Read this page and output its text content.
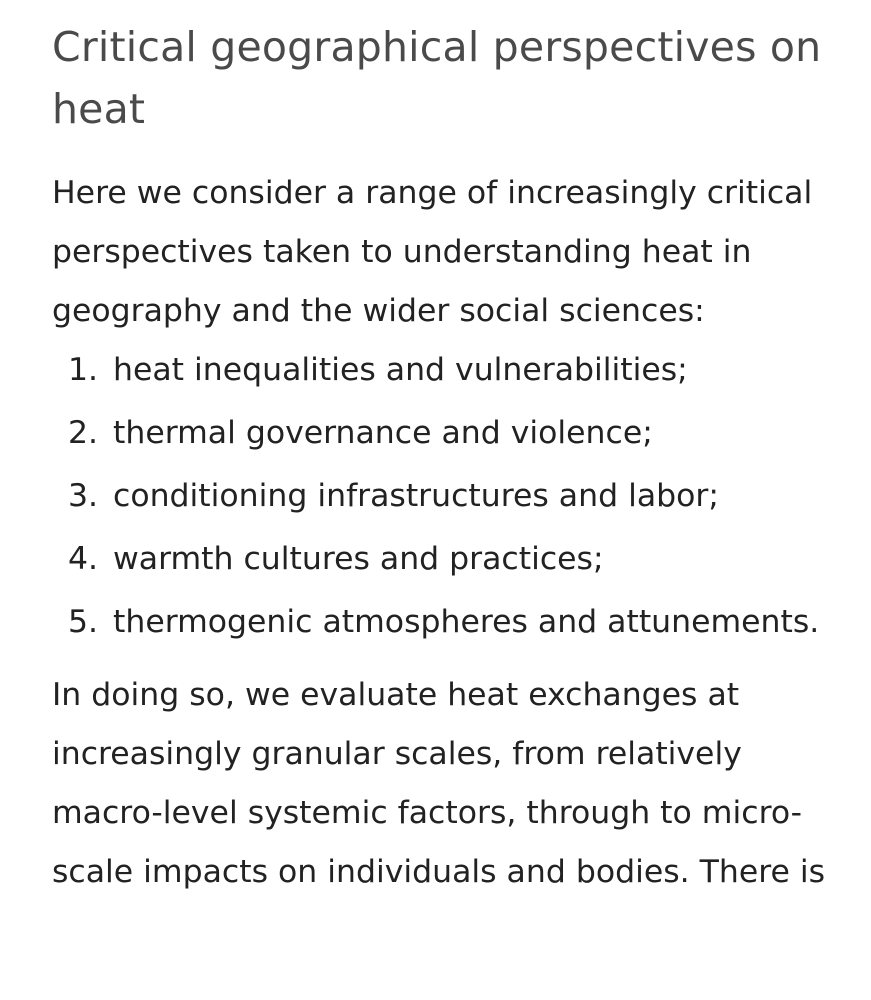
Critical geographical perspectives on heat

Here we consider a range of increasingly critical perspectives taken to understanding heat in geography and the wider social sciences:

1. heat inequalities and vulnerabilities;
2. thermal governance and violence;
3. conditioning infrastructures and labor;
4. warmth cultures and practices;
5. thermogenic atmospheres and attunements.

In doing so, we evaluate heat exchanges at increasingly granular scales, from relatively macro-level systemic factors, through to micro-scale impacts on individuals and bodies. There is
